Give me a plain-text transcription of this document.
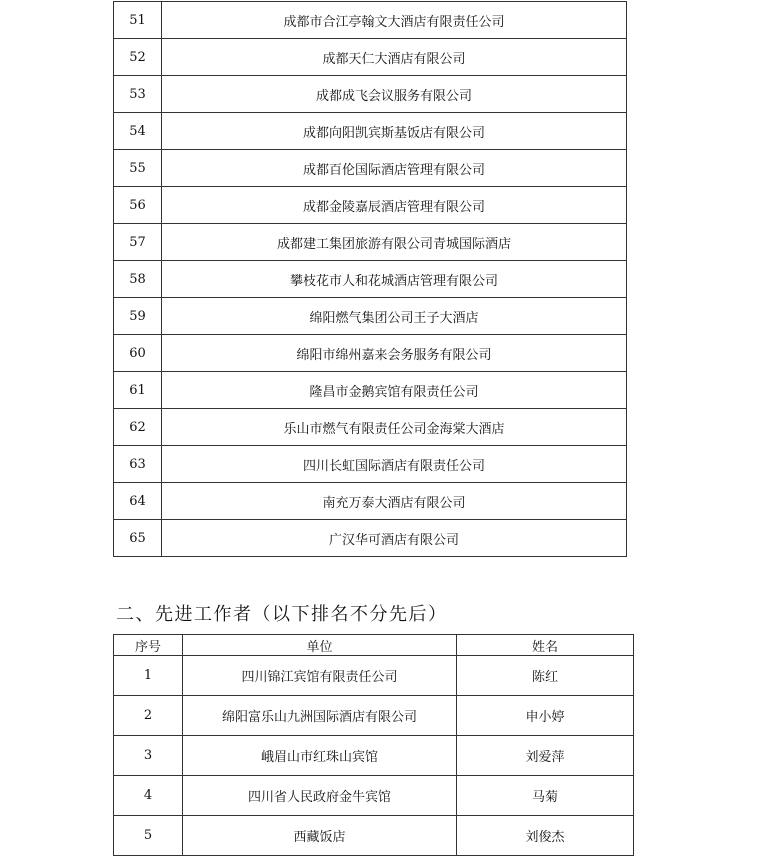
51	成都市合江亭翰文大酒店有限责任公司
52	成都天仁大酒店有限公司
53	成都成飞会议服务有限公司
54	成都向阳凯宾斯基饭店有限公司
55	成都百伦国际酒店管理有限公司
56	成都金陵嘉辰酒店管理有限公司
57	成都建工集团旅游有限公司青城国际酒店
58	攀枝花市人和花城酒店管理有限公司
59	绵阳燃气集团公司王子大酒店
60	绵阳市绵州嘉来会务服务有限公司
61	隆昌市金鹅宾馆有限责任公司
62	乐山市燃气有限责任公司金海棠大酒店
63	四川长虹国际酒店有限责任公司
64	南充万泰大酒店有限公司
65	广汉华可酒店有限公司
二、先进工作者（以下排名不分先后）
序号	单位	姓名
1	四川锦江宾馆有限责任公司	陈红
2	绵阳富乐山九洲国际酒店有限公司	申小婷
3	峨眉山市红珠山宾馆	刘爱萍
4	四川省人民政府金牛宾馆	马菊
5	西藏饭店	刘俊杰
